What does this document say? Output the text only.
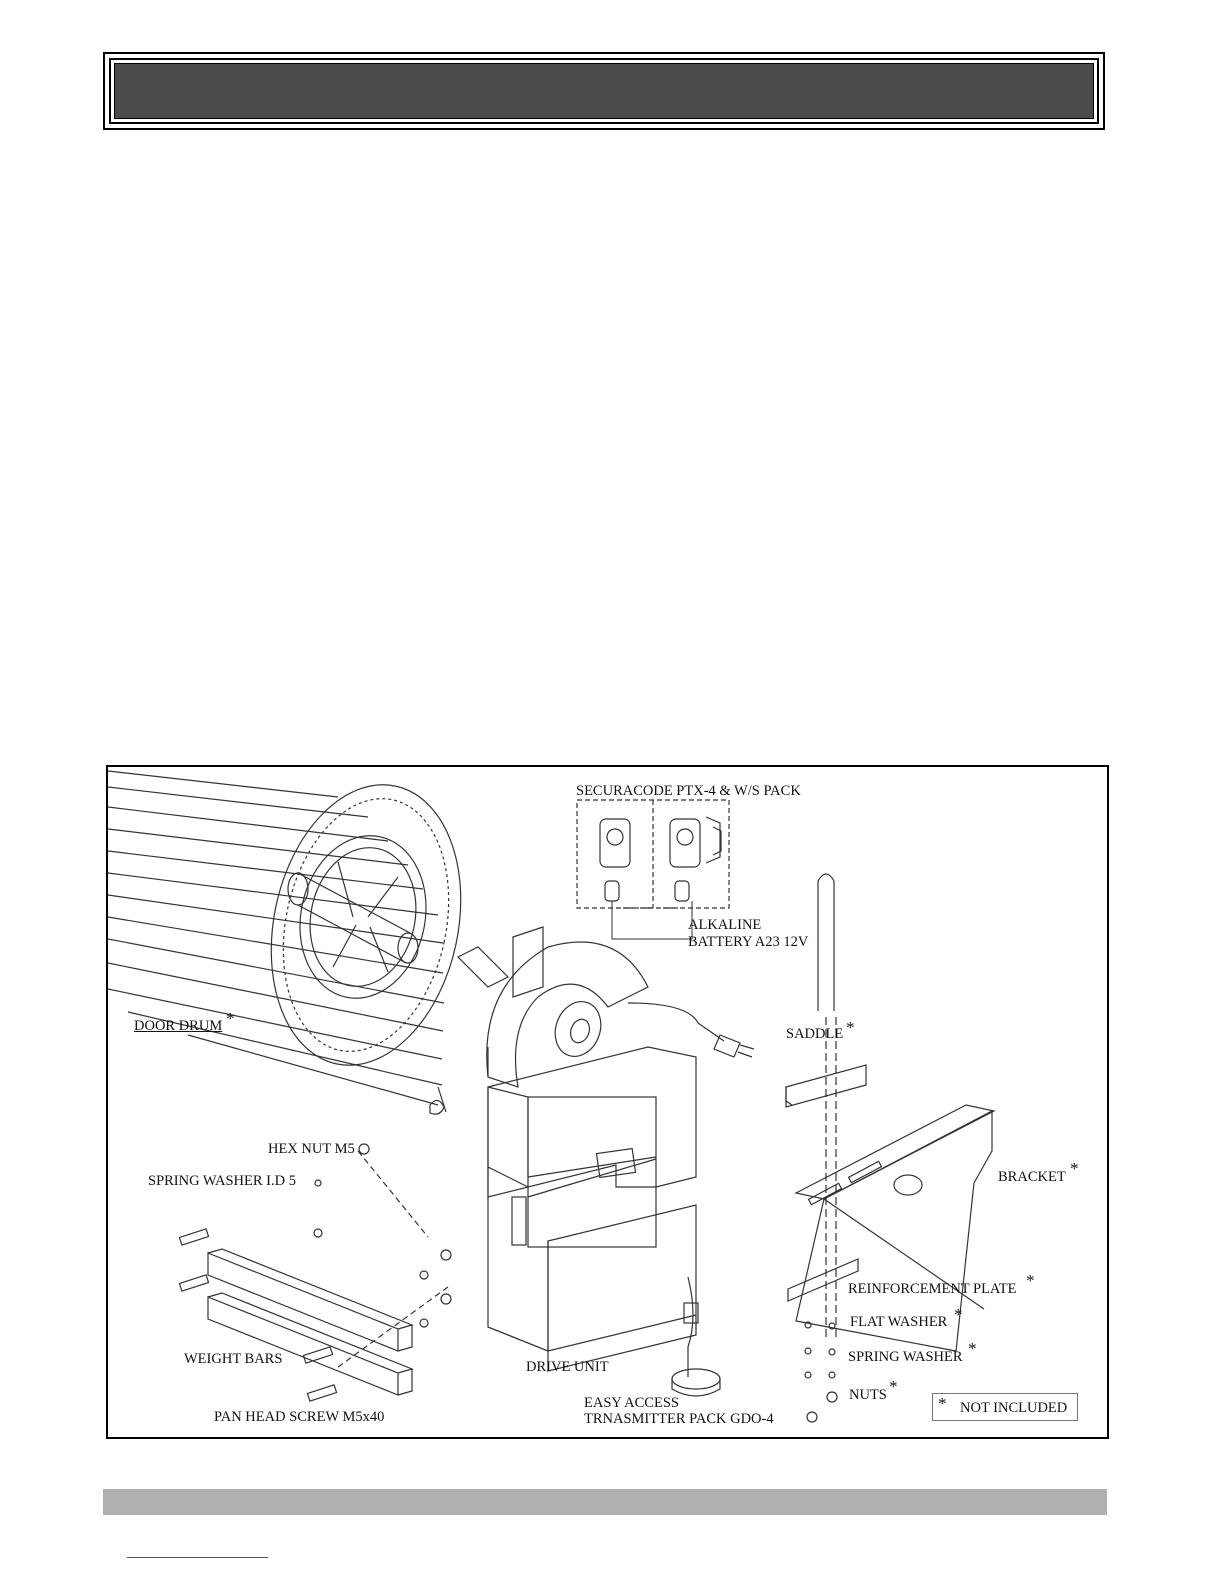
SECURACODE PTX-4 & W/S PACK
ALKALINE
BATTERY A23 12V
DOOR DRUM *
SADDLE *
BRACKET *
HEX NUT M5
SPRING WASHER I.D 5
REINFORCEMENT PLATE *
FLAT WASHER *
SPRING WASHER *
NUTS *
WEIGHT BARS	DRIVE UNIT
EASY ACCESS
TRNASMITTER PACK GDO-4
PAN HEAD SCREW M5x40
* NOT INCLUDED
